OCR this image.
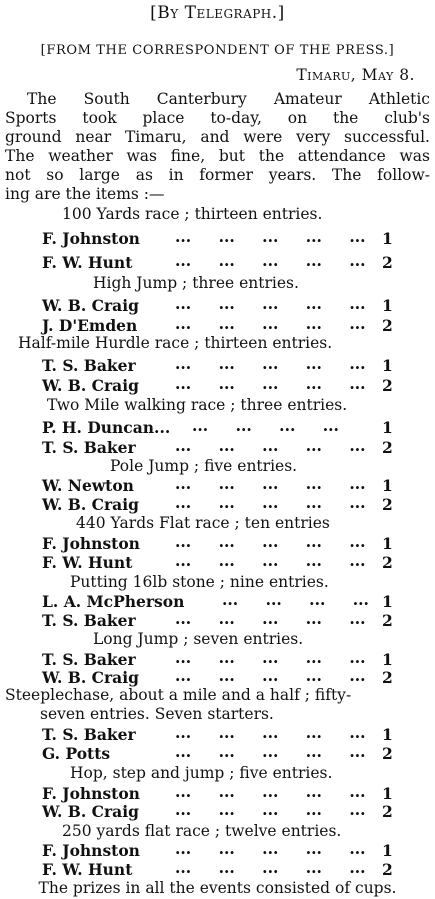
[By Telegraph.]
[FROM THE CORRESPONDENT OF THE PRESS.]
Timaru, May 8.
The South Canterbury Amateur Athletic
Sports took place to-day, on the club's
ground near Timaru, and were very successful.
The weather was fine, but the attendance was
not so large as in former years. The follow-
ing are the items :—
100 Yards race ; thirteen entries.
F. Johnston ... ... ... ... ...	1
F. W. Hunt	... ... ... ... ...	2
High Jump ; three entries.
W. B. Craig ... ... ... ... ...	1
J. D'Emden ... ... ... ... ...	2
Half-mile Hurdle race ; thirteen entries.
T. S. Baker	... ... ... ... ...	1
W. B. Craig ... ... ... ... ...	2
Two Mile walking race ; three entries.
P. H. Duncan... ... ... ... ...	1
T. S. Baker	... ... ... ... ...	2
Pole Jump ; five entries.
W. Newton	... ... ... ... ...	1
W. B. Craig ... ... ... ... ...	2
440 Yards Flat race ; ten entries
F. Johnston ... ... ... ... ...	1
F. W. Hunt	... ... ... ... ...	2
Putting 16lb stone ; nine entries.
L. A. McPherson ... ... ... ... 1
T. S. Baker	... ... ... ... ...	2
Long Jump ; seven entries.
T. S. Baker	... ... ... ... ...	1
W. B. Craig ... ... ... ... ...	2
Steeplechase, about a mile and a half ; fifty-
seven entries. Seven starters.
T. S. Baker	... ... ... ... ...	1
G. Potts	... ... ... ... ...	2
Hop, step and jump ; five entries.
F. Johnston ... ... ... ... ...	1
W. B. Craig ... ... ... ... ...	2
250 yards flat race ; twelve entries.
F. Johnston ... ... ... ... ...	1
F. W. Hunt	... ... ... ... ...	2
The prizes in all the events consisted of cups.
